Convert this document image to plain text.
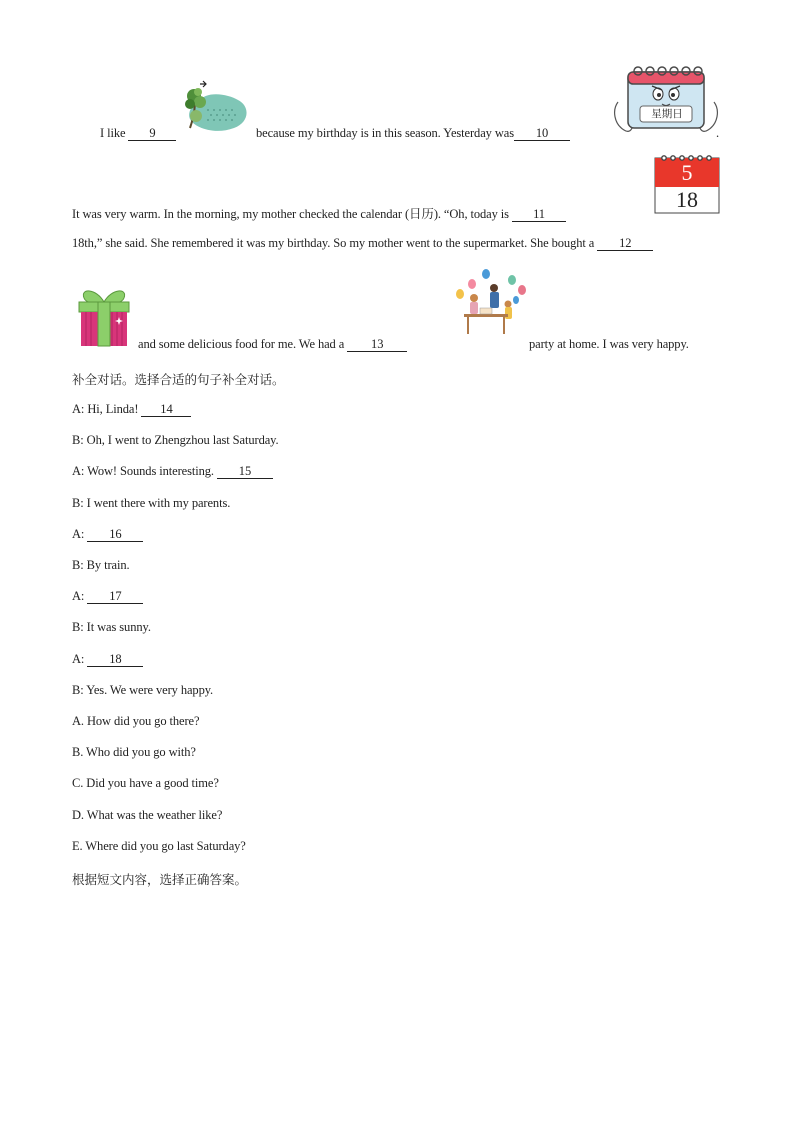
I like 9	because my birthday is in this season. Yesterday was 10
星期日
.
5
18
It was very warm. In the morning, my mother checked the calendar (日历). “Oh, today is 11
18th,” she said. She remembered it was my birthday. So my mother went to the supermarket. She bought a 12
and some delicious food for me. We had a 13	party at home. I was very happy.
补全对话。选择合适的句子补全对话。
A: Hi, Linda! 14
B: Oh, I went to Zhengzhou last Saturday.
A: Wow! Sounds interesting. 15
B: I went there with my parents.
A: 16
B: By train.
A: 17
B: It was sunny.
A: 18
B: Yes. We were very happy.
A. How did you go there?
B. Who did you go with?
C. Did you have a good time?
D. What was the weather like?
E. Where did you go last Saturday?
根据短文内容，选择正确答案。
